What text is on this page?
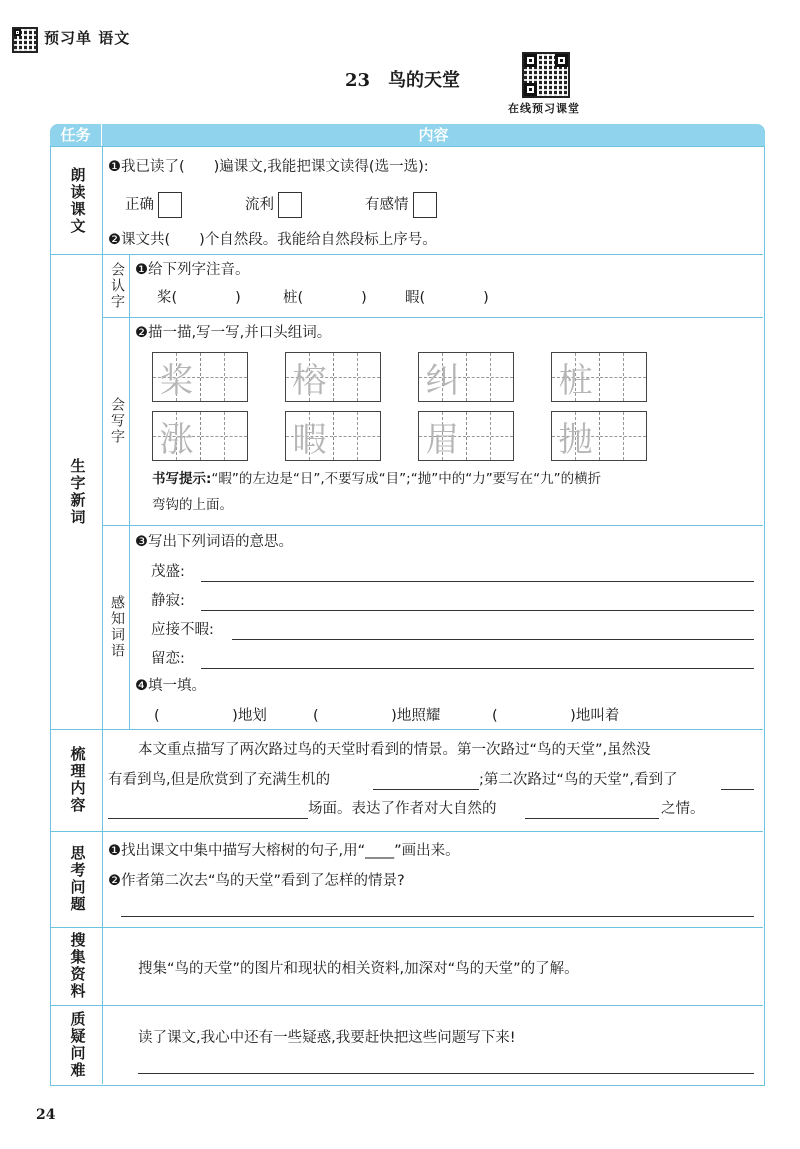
预习单 语文
23 鸟的天堂
在线预习课堂
任务	内容
朗读课文 ❶我已读了(　　)遍课文,我能把课文读得(选一选):
正确	流利	有感情
❷课文共(　　)个自然段。我能给自然段标上序号。
生字新词
会认字 ❶给下列字注音。
桨(　　　　)	桩(　　　　)	暇(　　　　)
会写字
❷描一描,写一写,并口头组词。
桨	榕	纠	桩
涨	暇	眉	抛
书写提示:“暇”的左边是“日”,不要写成“目”;“抛”中的“力”要写在“九”的横折
弯钩的上面。
感知词语
❸写出下列词语的意思。
茂盛:
静寂:
应接不暇:
留恋:
❹填一填。
(　　　　　)地划	(　　　　　)地照耀	(　　　　　)地叫着
梳理内容	本文重点描写了两次路过鸟的天堂时看到的情景。第一次路过“鸟的天堂”,虽然没
有看到鸟,但是欣赏到了充满生机的	;第二次路过“鸟的天堂”,看到了
场面。表达了作者对大自然的	之情。
思考问题 ❶找出课文中集中描写大榕树的句子,用“____”画出来。
❷作者第二次去“鸟的天堂”看到了怎样的情景?
搜集资料	搜集“鸟的天堂”的图片和现状的相关资料,加深对“鸟的天堂”的了解。
质疑问难	读了课文,我心中还有一些疑惑,我要赶快把这些问题写下来!
24
